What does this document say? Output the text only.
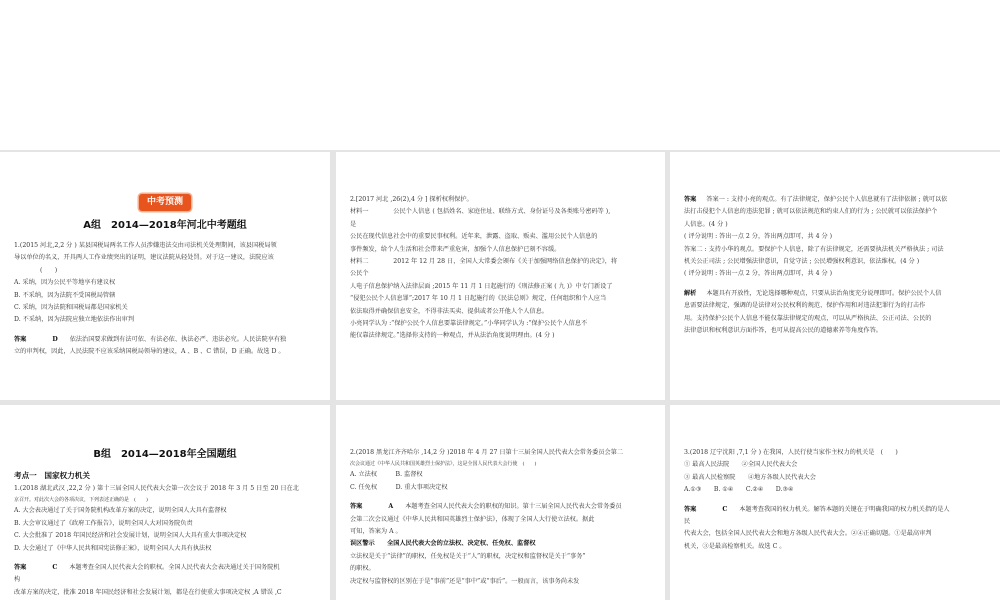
中考预测
A组　2014—2018年河北中考题组

1.(2015 河北,2,2 分 ) 某县国税局两名工作人员涉嫌违法交由司法机关处理期间，该县国税局领

导以单位的名义，开具两人工作业绩突出的证明，建议法院从轻处罚。对于这一建议，法院应该

(　　)

A. 采纳，因为公民平等地享有建议权

B. 不采纳，因为法院不受国税局管辖

C. 采纳，因为法院和国税局都是国家机关

D. 不采纳，因为法院应独立地依法作出审判

答案	D 依法治国要求做到有法可依、有法必依、执法必严、违法必究。人民法院享有独

立的审判权，因此，人民法院不应该采纳国税局领导的建议，A 、B 、C 错误，D 正确。故选 D 。

2.[2017 河北 ,26(2),4 分 ] 探析权利保护。

材料一　　　　公民个人信息 ( 包括姓名、家庭住址、联络方式、身份证号及各类账号密码等 ),

是

公民在现代信息社会中的重要民事权利。近年来，泄露、盗取、贩卖、滥用公民个人信息的

事件频发，给个人生活和社会带来严重危害，加强个人信息保护已刻不容缓。

材料二　　　　2012 年 12 月 28 日，全国人大常委会颁布《关于加强网络信息保护的决定》，将

公民个

人电子信息保护纳入法律层面 ;2015 年 11 月 1 日起施行的《刑法修正案 ( 九 )》中专门新设了

“侵犯公民个人信息罪”;2017 年 10 月 1 日起施行的《民法总则》规定，任何组织和个人应当

依法取得并确保信息安全，不得非法买卖、提供或者公开他人个人信息。

小亮同学认为 :“保护公民个人信息要靠法律规定。”小华同学认为 :“保护公民个人信息不

能仅靠法律规定。”选择你支持的一种观点，并从法治角度说明理由。(4 分 )

答案 答案一 : 支持小亮的观点。有了法律规定，保护公民个人信息就有了法律依据 ; 就可以依

法打击侵犯个人信息的违法犯罪 ; 就可以依法规范和约束人们的行为 ; 公民就可以依法保护个

人信息。(4 分 )

( 评分说明 : 答出一点 2 分，答出两点即可，共 4 分 )

答案二 : 支持小华的观点。要保护个人信息，除了有法律规定，还需要执法机关严格执法 ; 司法

机关公正司法 ; 公民增强法律意识，自觉守法 ; 公民增强权利意识，依法维权。(4 分 )

( 评分说明 : 答出一点 2 分，答出两点即可，共 4 分 )

解析 本题具有开放性，无论选择哪种观点，只要从法治角度充分说理即可。保护公民个人信

息需要法律规定，强调的是法律对公民权利的规范、保护作用和对违法犯罪行为的打击作

用。支持保护公民个人信息不能仅靠法律规定的观点，可以从严格执法、公正司法、公民的

法律意识和权利意识方面作答，也可从提高公民的道德素养等角度作答。

B组　2014—2018年全国题组

考点一　国家权力机关

1.(2018 湖北武汉 ,22,2 分 ) 第十三届全国人民代表大会第一次会议于 2018 年 3 月 5 日至 20 日在北

京召开。对此次大会的各项决议，下列表述正确的是　(　　)

A. 大会表决通过了关于国务院机构改革方案的决定，说明全国人大具有监督权

B. 大会审议通过了《政府工作报告》，说明全国人大对国务院负责

C. 大会批准了 2018 年国民经济和社会发展计划，说明全国人大具有重大事项决定权

D. 大会通过了《中华人民共和国宪法修正案》，说明全国人大具有执法权

答案	C 本题考查全国人民代表大会的职权。全国人民代表大会表决通过关于国务院机

构

改革方案的决定，批准 2018 年国民经济和社会发展计划，都是在行使重大事项决定权 ,A 错误 ,C

2.(2018 黑龙江齐齐哈尔 ,14,2 分 )2018 年 4 月 27 日第十三届全国人民代表大会常务委员会第二

次会议通过《中华人民共和国英雄烈士保护法》，这是全国人民代表大会行使　(　　)

A. 立法权　　　B. 监督权

C. 任免权　　　D. 重大事项决定权

答案	A 本题考查全国人民代表大会的职权的知识。第十三届全国人民代表大会常务委员

会第二次会议通过《中华人民共和国英雄烈士保护法》，体现了全国人大行使立法权。据此

可知，答案为 A 。

误区警示　　全国人民代表大会的立法权、决定权、任免权、监督权

立法权是关于“法律”的职权，任免权是关于“人”的职权，决定权和监督权是关于“事务”

的职权。

决定权与监督权的区别在于是“事前”还是“事中”或“事后”。一般而言，该事务尚未发

3.(2018 辽宁沈阳 ,7,1 分 ) 在我国，人民行使当家作主权力的机关是　(　　)

① 最高人民法院　　②全国人民代表大会

③ 最高人民检察院　　④地方各级人民代表大会

A.①③　　B. ①④　　C.②④　　D.③④

答案	C 本题考查我国的权力机关。解答本题的关键在于明确我国的权力机关指的是人

民

代表大会，包括全国人民代表大会和地方各级人民代表大会。②④正确切题。①是最高审判

机关，③是最高检察机关。故选 C 。
